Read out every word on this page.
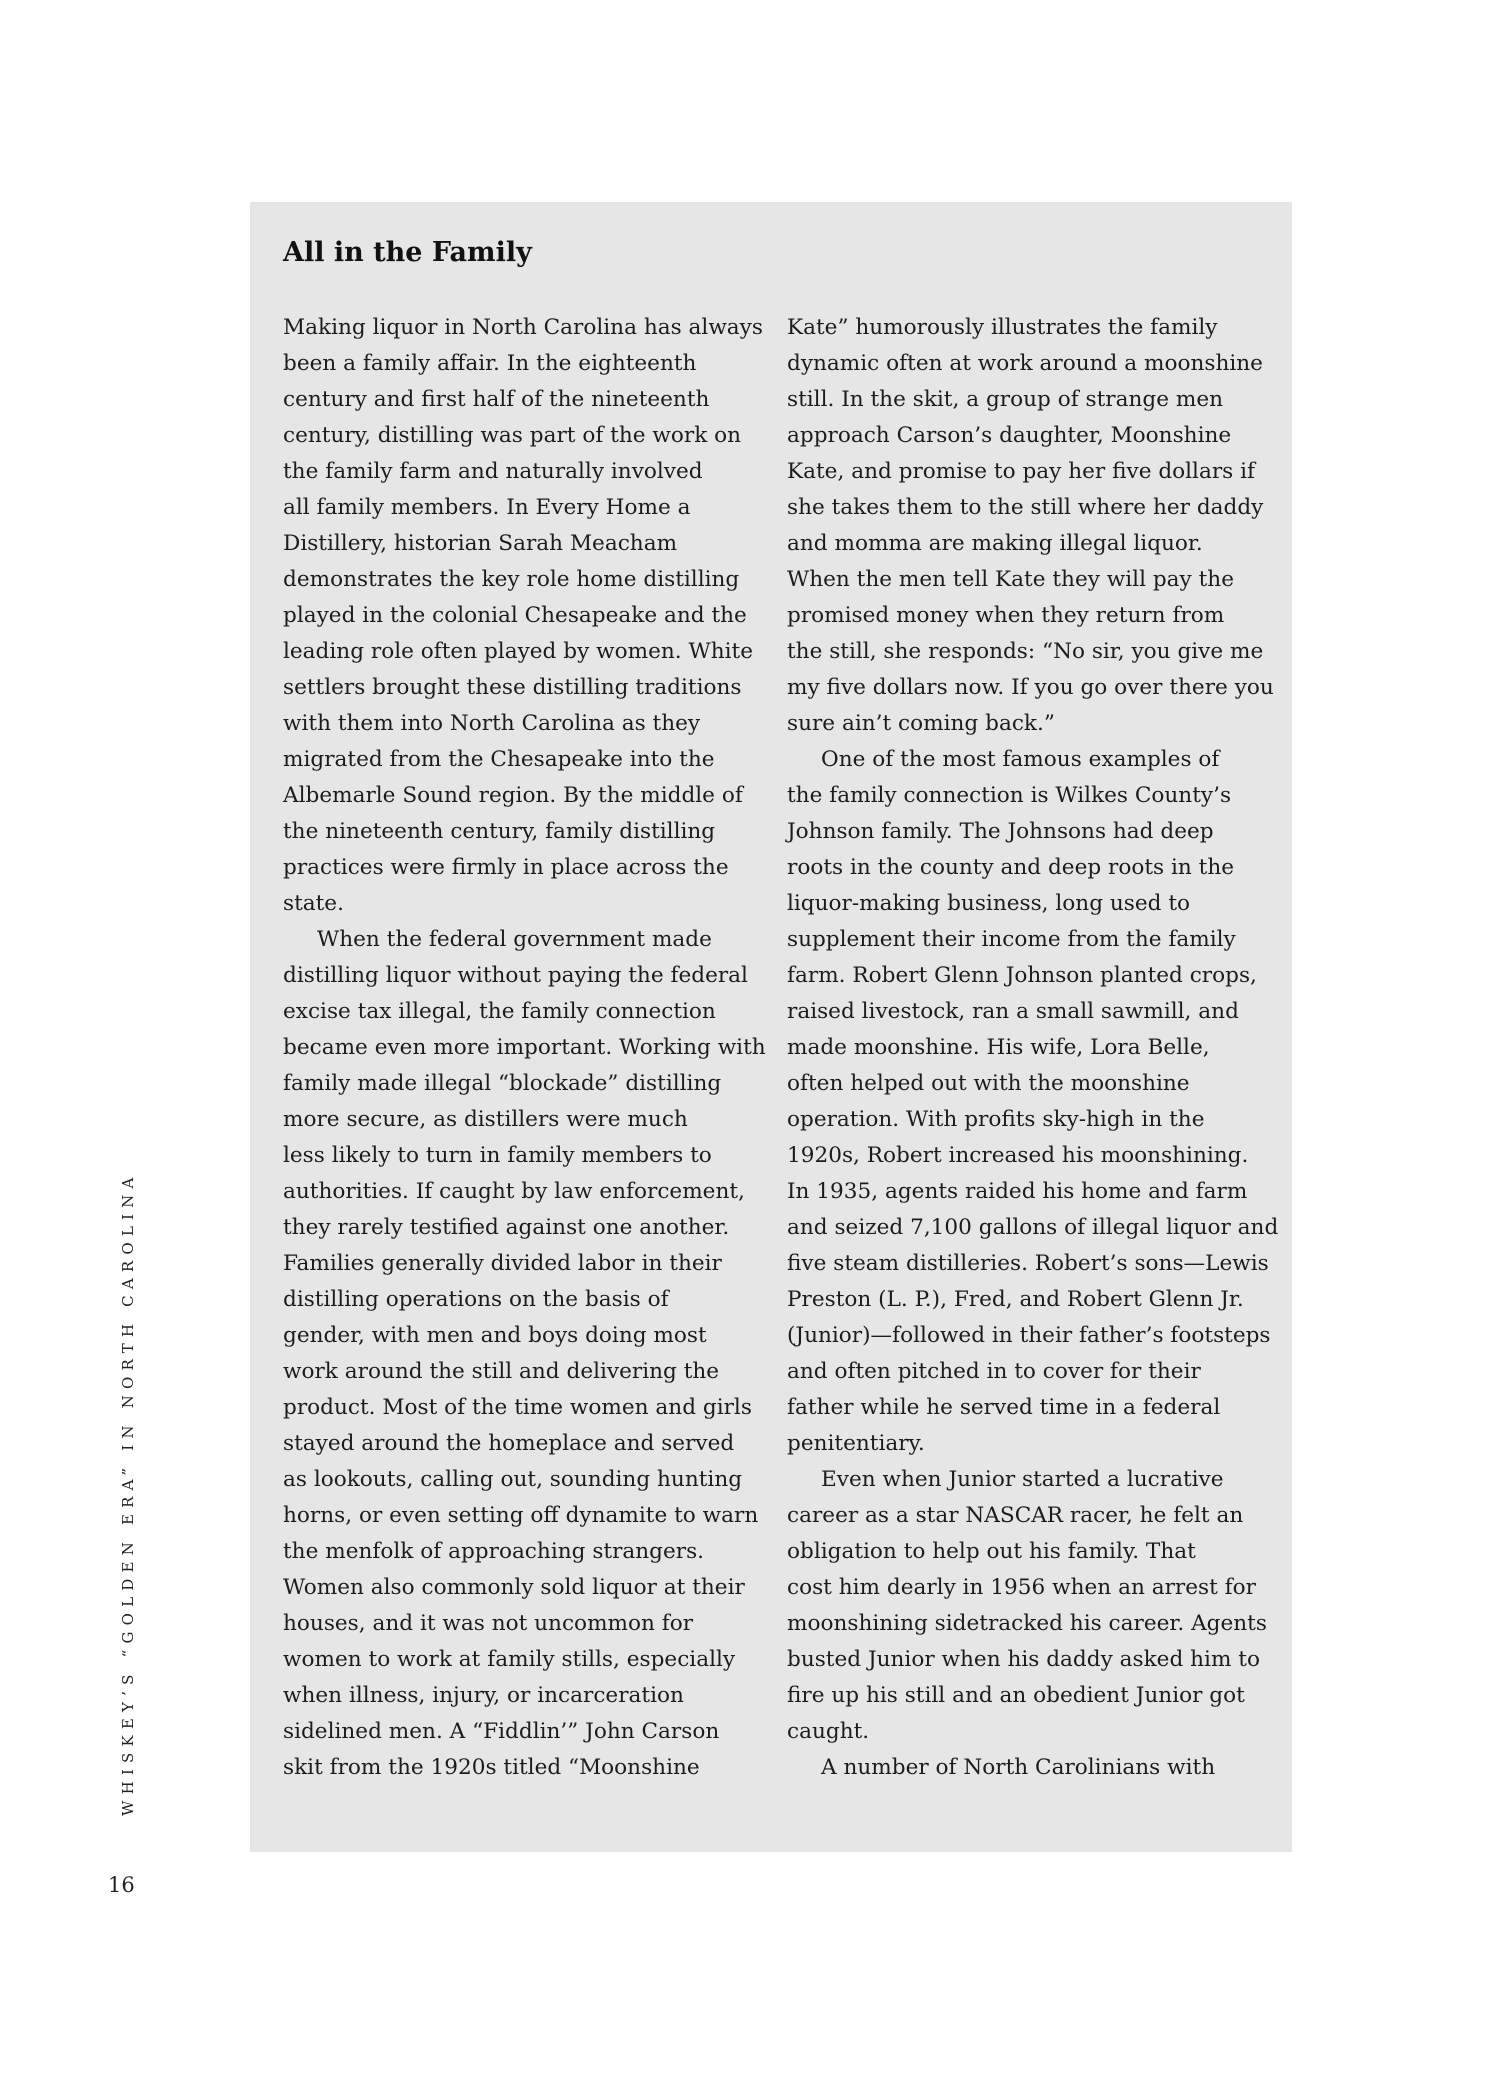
All in the Family
Making liquor in North Carolina has always
been a family affair. In the eighteenth
century and first half of the nineteenth
century, distilling was part of the work on
the family farm and naturally involved
all family members. In Every Home a
Distillery, historian Sarah Meacham
demonstrates the key role home distilling
played in the colonial Chesapeake and the
leading role often played by women. White
settlers brought these distilling traditions
with them into North Carolina as they
migrated from the Chesapeake into the
Albemarle Sound region. By the middle of
the nineteenth century, family distilling
practices were firmly in place across the
state.
When the federal government made
distilling liquor without paying the federal
excise tax illegal, the family connection
became even more important. Working with
family made illegal “blockade” distilling
more secure, as distillers were much
less likely to turn in family members to
authorities. If caught by law enforcement,
they rarely testified against one another.
Families generally divided labor in their
distilling operations on the basis of
gender, with men and boys doing most
work around the still and delivering the
product. Most of the time women and girls
stayed around the homeplace and served
as lookouts, calling out, sounding hunting
horns, or even setting off dynamite to warn
the menfolk of approaching strangers.
Women also commonly sold liquor at their
houses, and it was not uncommon for
women to work at family stills, especially
when illness, injury, or incarceration
sidelined men. A “Fiddlin’” John Carson
skit from the 1920s titled “Moonshine
Kate” humorously illustrates the family
dynamic often at work around a moonshine
still. In the skit, a group of strange men
approach Carson’s daughter, Moonshine
Kate, and promise to pay her five dollars if
she takes them to the still where her daddy
and momma are making illegal liquor.
When the men tell Kate they will pay the
promised money when they return from
the still, she responds: “No sir, you give me
my five dollars now. If you go over there you
sure ain’t coming back.”
One of the most famous examples of
the family connection is Wilkes County’s
Johnson family. The Johnsons had deep
roots in the county and deep roots in the
liquor-making business, long used to
supplement their income from the family
farm. Robert Glenn Johnson planted crops,
raised livestock, ran a small sawmill, and
made moonshine. His wife, Lora Belle,
often helped out with the moonshine
operation. With profits sky-high in the
1920s, Robert increased his moonshining.
In 1935, agents raided his home and farm
and seized 7,100 gallons of illegal liquor and
five steam distilleries. Robert’s sons—Lewis
Preston (L. P.), Fred, and Robert Glenn Jr.
(Junior)—followed in their father’s footsteps
and often pitched in to cover for their
father while he served time in a federal
penitentiary.
Even when Junior started a lucrative
career as a star NASCAR racer, he felt an
obligation to help out his family. That
cost him dearly in 1956 when an arrest for
moonshining sidetracked his career. Agents
busted Junior when his daddy asked him to
fire up his still and an obedient Junior got
caught.
A number of North Carolinians with
WHISKEY’S “GOLDEN ERA” IN NORTH CAROLINA
16
